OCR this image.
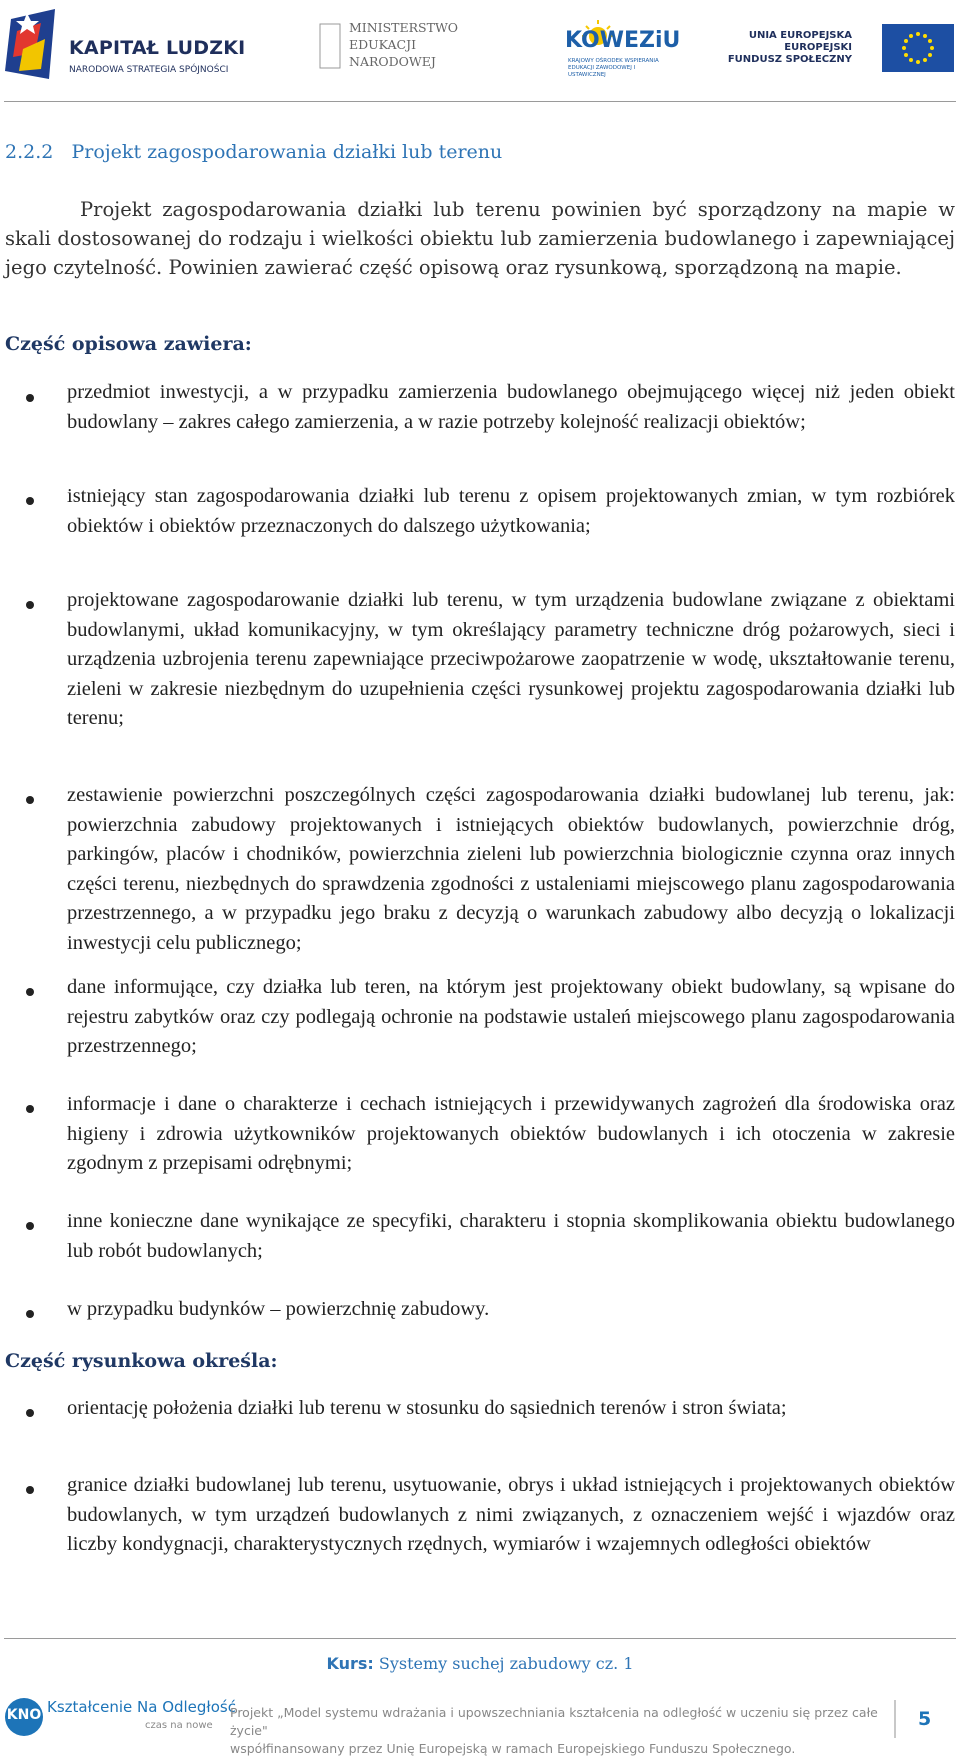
KAPITAŁ LUDZKI
NARODOWA STRATEGIA SPÓJNOŚCI
MINISTERSTWO
EDUKACJI
NARODOWEJ
KOWEZiU
KRAJOWY OŚRODEK WSPIERANIA EDUKACJI ZAWODOWEJ I USTAWICZNEJ
UNIA EUROPEJSKA
EUROPEJSKI
FUNDUSZ SPOŁECZNY
2.2.2 Projekt zagospodarowania działki lub terenu
Projekt zagospodarowania działki lub terenu powinien być sporządzony na mapie w skali dostosowanej do rodzaju i wielkości obiektu lub zamierzenia budowlanego i zapewniającej jego czytelność. Powinien zawierać część opisową oraz rysunkową, sporządzoną na mapie.
Część opisowa zawiera:
przedmiot inwestycji, a w przypadku zamierzenia budowlanego obejmującego więcej niż jeden obiekt budowlany – zakres całego zamierzenia, a w razie potrzeby kolejność realizacji obiektów;
istniejący stan zagospodarowania działki lub terenu z opisem projektowanych zmian, w tym rozbiórek obiektów i obiektów przeznaczonych do dalszego użytkowania;
projektowane zagospodarowanie działki lub terenu, w tym urządzenia budowlane związane z obiektami budowlanymi, układ komunikacyjny, w tym określający parametry techniczne dróg pożarowych, sieci i urządzenia uzbrojenia terenu zapewniające przeciwpożarowe zaopatrzenie w wodę, ukształtowanie terenu, zieleni w zakresie niezbędnym do uzupełnienia części rysunkowej projektu zagospodarowania działki lub terenu;
zestawienie powierzchni poszczególnych części zagospodarowania działki budowlanej lub terenu, jak: powierzchnia zabudowy projektowanych i istniejących obiektów budowlanych, powierzchnie dróg, parkingów, placów i chodników, powierzchnia zieleni lub powierzchnia biologicznie czynna oraz innych części terenu, niezbędnych do sprawdzenia zgodności z ustaleniami miejscowego planu zagospodarowania przestrzennego, a w przypadku jego braku z decyzją o warunkach zabudowy albo decyzją o lokalizacji inwestycji celu publicznego;
dane informujące, czy działka lub teren, na którym jest projektowany obiekt budowlany, są wpisane do rejestru zabytków oraz czy podlegają ochronie na podstawie ustaleń miejscowego planu zagospodarowania przestrzennego;
informacje i dane o charakterze i cechach istniejących i przewidywanych zagrożeń dla środowiska oraz higieny i zdrowia użytkowników projektowanych obiektów budowlanych i ich otoczenia w zakresie zgodnym z przepisami odrębnymi;
inne konieczne dane wynikające ze specyfiki, charakteru i stopnia skomplikowania obiektu budowlanego lub robót budowlanych;
w przypadku budynków – powierzchnię zabudowy.
Część rysunkowa określa:
orientację położenia działki lub terenu w stosunku do sąsiednich terenów i stron świata;
granice działki budowlanej lub terenu, usytuowanie, obrys i układ istniejących i projektowanych obiektów budowlanych, w tym urządzeń budowlanych z nimi związanych, z oznaczeniem wejść i wjazdów oraz liczby kondygnacji, charakterystycznych rzędnych, wymiarów i wzajemnych odległości obiektów
Kurs: Systemy suchej zabudowy cz. 1
KNO Kształcenie Na Odległość
czas na nowe
Projekt „Model systemu wdrażania i upowszechniania kształcenia na odległość w uczeniu się przez całe życie"
współfinansowany przez Unię Europejską w ramach Europejskiego Funduszu Społecznego.
5
